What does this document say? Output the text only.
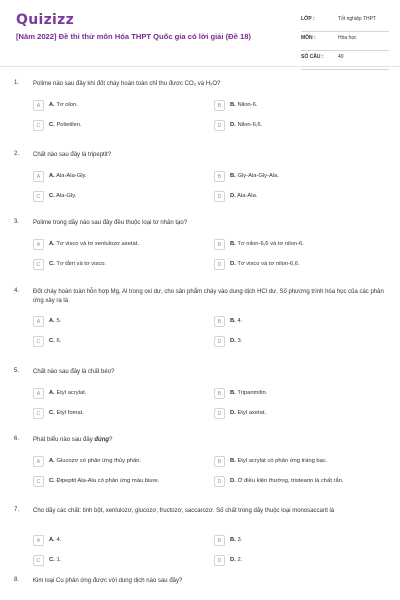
Quizizz
[Năm 2022] Đề thi thử môn Hóa THPT Quốc gia có lời giải (Đề 18)
LỚP :	Tốt nghiệp THPT
MÔN :	Hóa học
SỐ CÂU :	40
1. Polime nào sau đây khi đốt cháy hoàn toàn chỉ thu được CO₂ và H₂O?
A	A. Tơ olon.	B	B. Nilon-6.
C	C. Polietilen.	D	D. Nilon-6,6.
2. Chất nào sau đây là tripeptit?
A	A. Ala-Ala-Gly.	B	B. Gly-Ala-Gly-Ala.
C	C. Ala-Gly.	D	D. Ala-Ala.
3. Polime trong dãy nào sau đây đều thuộc loại tơ nhân tạo?
A	A. Tơ visco và tơ xenlulozơ axetat.	B	B. Tơ nilon-6,6 và tơ nilon-6.
C	C. Tơ tằm và tơ visco.	D	D. Tơ visco và tơ nilon-6,6.
4. Đốt cháy hoàn toàn hỗn hợp Mg, Al trong oxi dư, cho sản phẩm cháy vào dung dịch HCl dư. Số phương trình hóa học của các phản ứng xảy ra là
A	A. 5.	B	B. 4.
C	C. 6.	D	D. 3.
5. Chất nào sau đây là chất béo?
A	A. Etyl acrylat.	B	B. Tripanmitin.
C	C. Etyl fomat.	D	D. Etyl axetat.
6. Phát biểu nào sau đây đúng?
A	A. Glucozơ có phản ứng thủy phân.	B	B. Etyl acrylat có phản ứng tráng bạc.
C	C. Đipeptit Ala-Ala có phản ứng màu biure.	D	D. Ở điều kiện thường, tristearin là chất rắn.
7. Cho dãy các chất: tinh bột, xenlulozơ, glucozơ, fructozơ, saccarozơ. Số chất trong dãy thuộc loại monosaccarit là
A	A. 4.	B	B. 3.
C	C. 1.	D	D. 2.
8. Kim loại Cu phản ứng được với dung dịch nào sau đây?
